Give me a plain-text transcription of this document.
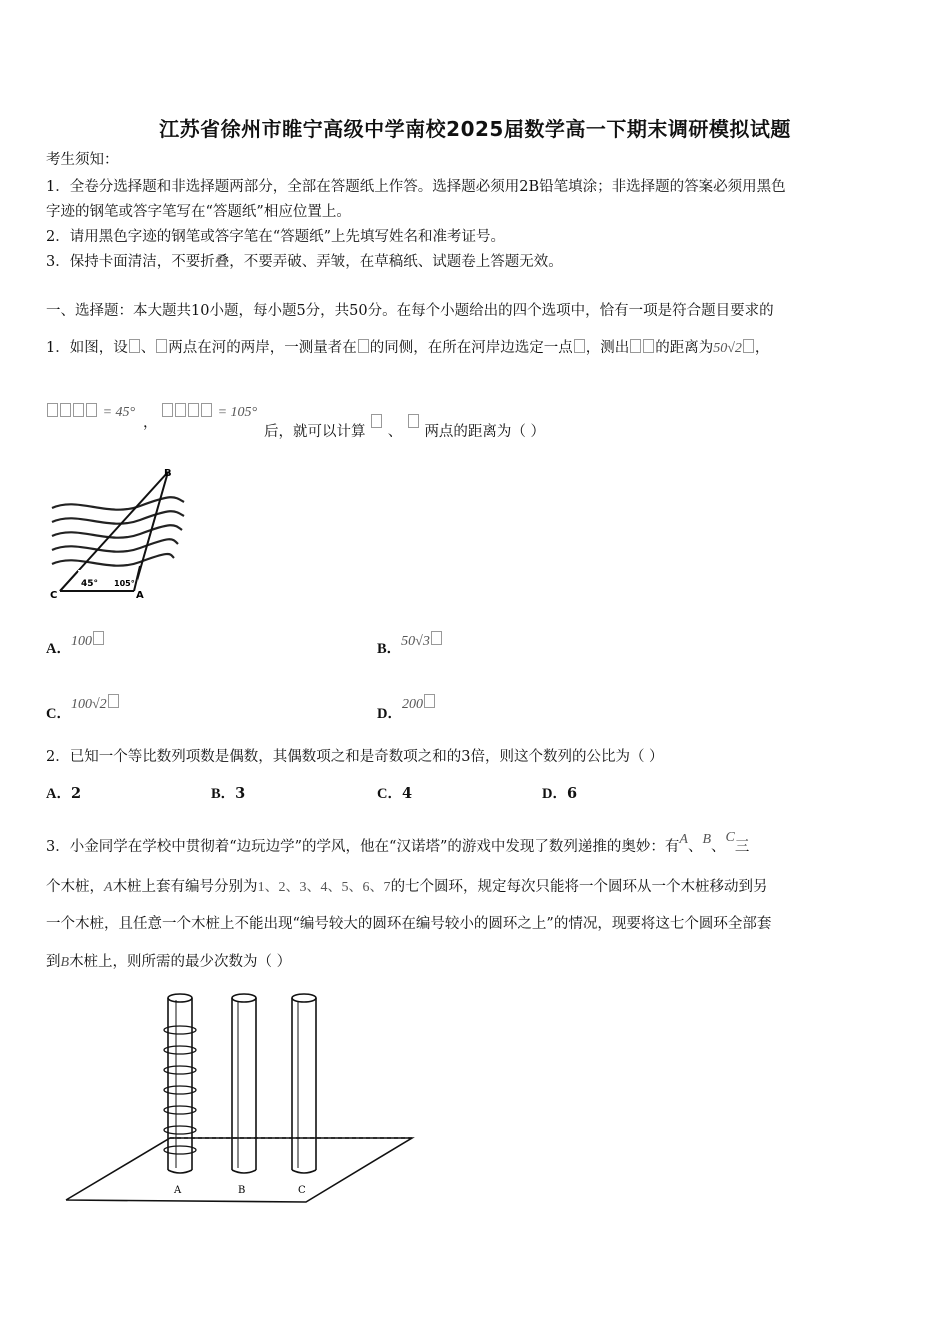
江苏省徐州市睢宁高级中学南校2025届数学高一下期末调研模拟试题
考生须知：
1．全卷分选择题和非选择题两部分，全部在答题纸上作答。选择题必须用2B铅笔填涂；非选择题的答案必须用黑色
字迹的钢笔或答字笔写在“答题纸”相应位置上。
2．请用黑色字迹的钢笔或答字笔在“答题纸”上先填写姓名和准考证号。
3．保持卡面清洁，不要折叠，不要弄破、弄皱，在草稿纸、试题卷上答题无效。
一、选择题：本大题共10小题，每小题5分，共50分。在每个小题给出的四个选项中，恰有一项是符合题目要求的
1．如图，设 、 两点在河的两岸，一测量者在 的同侧，在所在河岸边选定一点 ，测出 的距离为50√2 ，
= 45°
，
= 105°
后，就可以计算 、 两点的距离为（ ）
B
C	A
45° 105°
A．100	B．50√3
C．100√2
D．200
2．已知一个等比数列项数是偶数，其偶数项之和是奇数项之和的3倍，则这个数列的公比为（ ）
A．2	B．3	C．4	D．6
3．小金同学在学校中贯彻着“边玩边学”的学风，他在“汉诺塔”的游戏中发现了数列递推的奥妙：有A、B、C三
个木桩，A木桩上套有编号分别为1、2、3、4、5、6、7的七个圆环，规定每次只能将一个圆环从一个木桩移动到另
一个木桩，且任意一个木桩上不能出现“编号较大的圆环在编号较小的圆环之上”的情况，现要将这七个圆环全部套
到B木桩上，则所需的最少次数为（ ）
A	B	C
